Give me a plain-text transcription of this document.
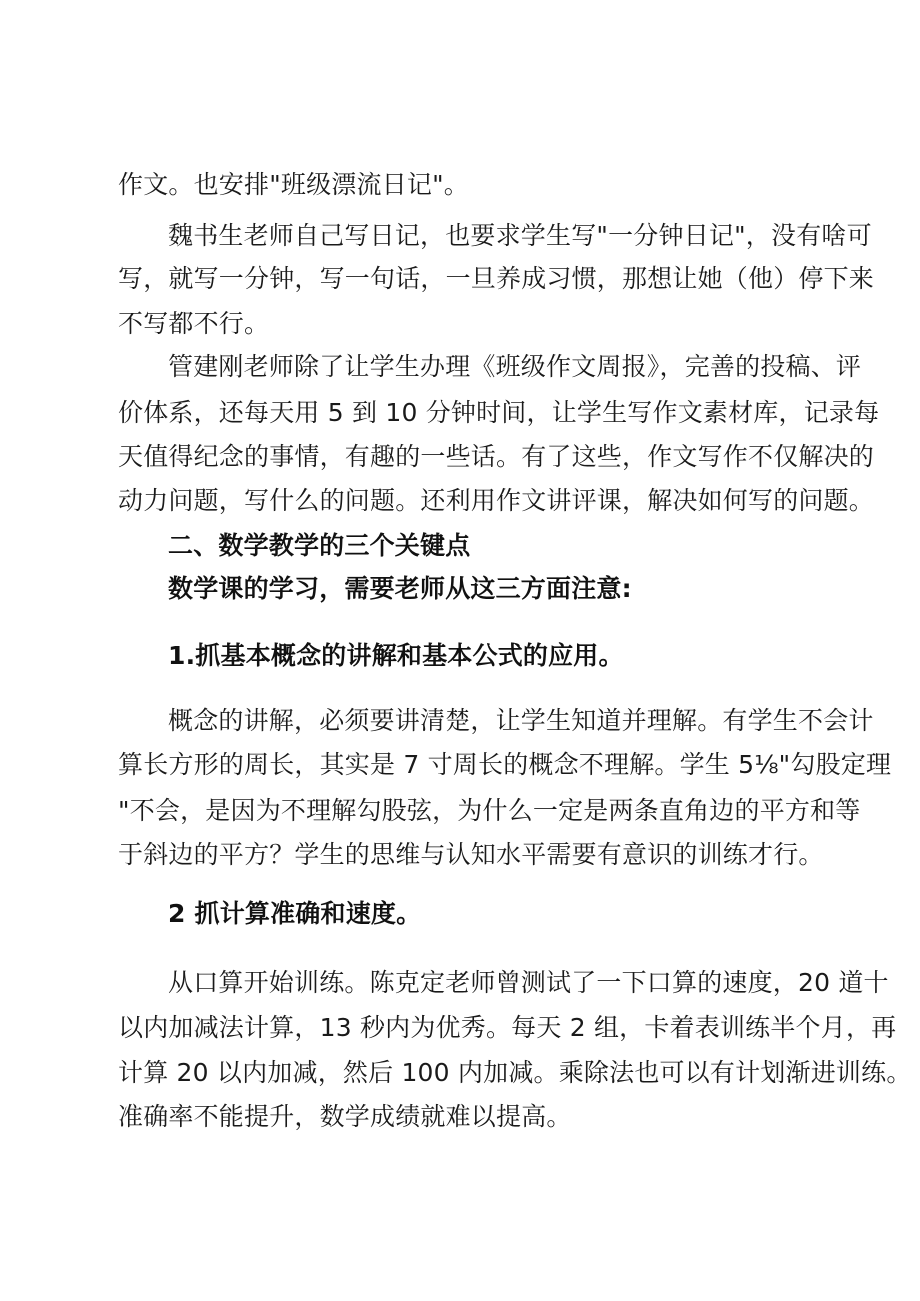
作文。也安排"班级漂流日记"。
魏书生老师自己写日记，也要求学生写"一分钟日记"，没有啥可
写，就写一分钟，写一句话，一旦养成习惯，那想让她（他）停下来
不写都不行。
管建刚老师除了让学生办理《班级作文周报》，完善的投稿、评
价体系，还每天用 5 到 10 分钟时间，让学生写作文素材库，记录每
天值得纪念的事情，有趣的一些话。有了这些，作文写作不仅解决的
动力问题，写什么的问题。还利用作文讲评课，解决如何写的问题。
二、数学教学的三个关键点
数学课的学习，需要老师从这三方面注意:
1.抓基本概念的讲解和基本公式的应用。
概念的讲解，必须要讲清楚，让学生知道并理解。有学生不会计
算长方形的周长，其实是 7 寸周长的概念不理解。学生 5⅛"勾股定理
"不会，是因为不理解勾股弦，为什么一定是两条直角边的平方和等
于斜边的平方？学生的思维与认知水平需要有意识的训练才行。
2 抓计算准确和速度。
从口算开始训练。陈克定老师曾测试了一下口算的速度，20 道十
以内加减法计算，13 秒内为优秀。每天 2 组，卡着表训练半个月，再
计算 20 以内加减，然后 100 内加减。乘除法也可以有计划渐进训练。
准确率不能提升，数学成绩就难以提高。
